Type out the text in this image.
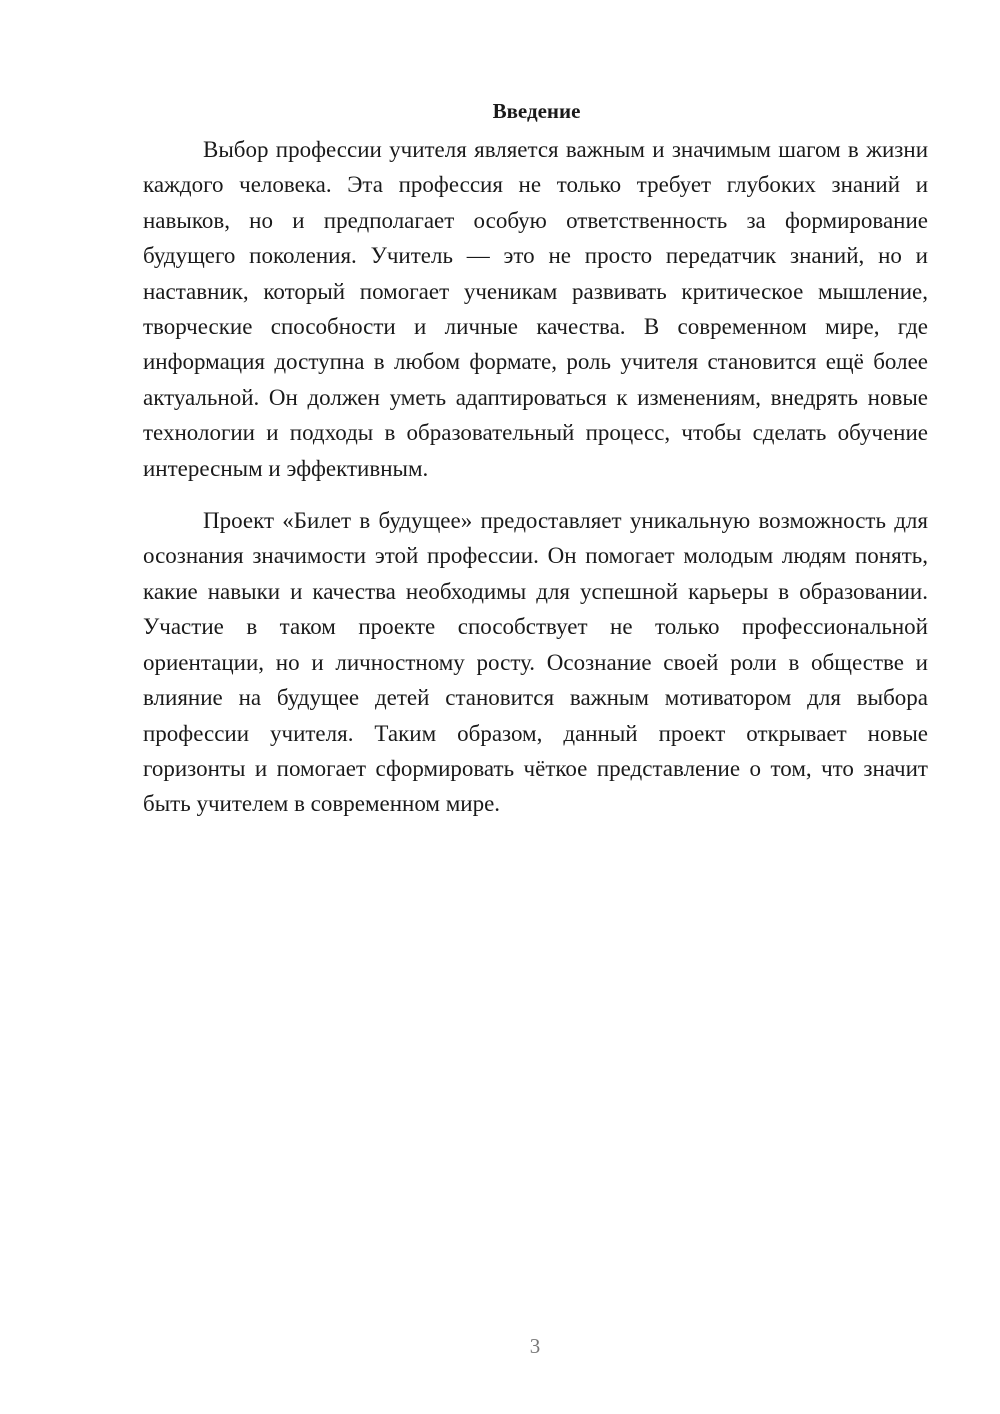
Введение

Выбор профессии учителя является важным и значимым шагом в жизни каждого человека. Эта профессия не только требует глубоких знаний и навыков, но и предполагает особую ответственность за формирование будущего поколения. Учитель — это не просто передатчик знаний, но и наставник, который помогает ученикам развивать критическое мышление, творческие способности и личные качества. В современном мире, где информация доступна в любом формате, роль учителя становится ещё более актуальной. Он должен уметь адаптироваться к изменениям, внедрять новые технологии и подходы в образовательный процесс, чтобы сделать обучение интересным и эффективным.

Проект «Билет в будущее» предоставляет уникальную возможность для осознания значимости этой профессии. Он помогает молодым людям понять, какие навыки и качества необходимы для успешной карьеры в образовании. Участие в таком проекте способствует не только профессиональной ориентации, но и личностному росту. Осознание своей роли в обществе и влияние на будущее детей становится важным мотиватором для выбора профессии учителя. Таким образом, данный проект открывает новые горизонты и помогает сформировать чёткое представление о том, что значит быть учителем в современном мире.

3
